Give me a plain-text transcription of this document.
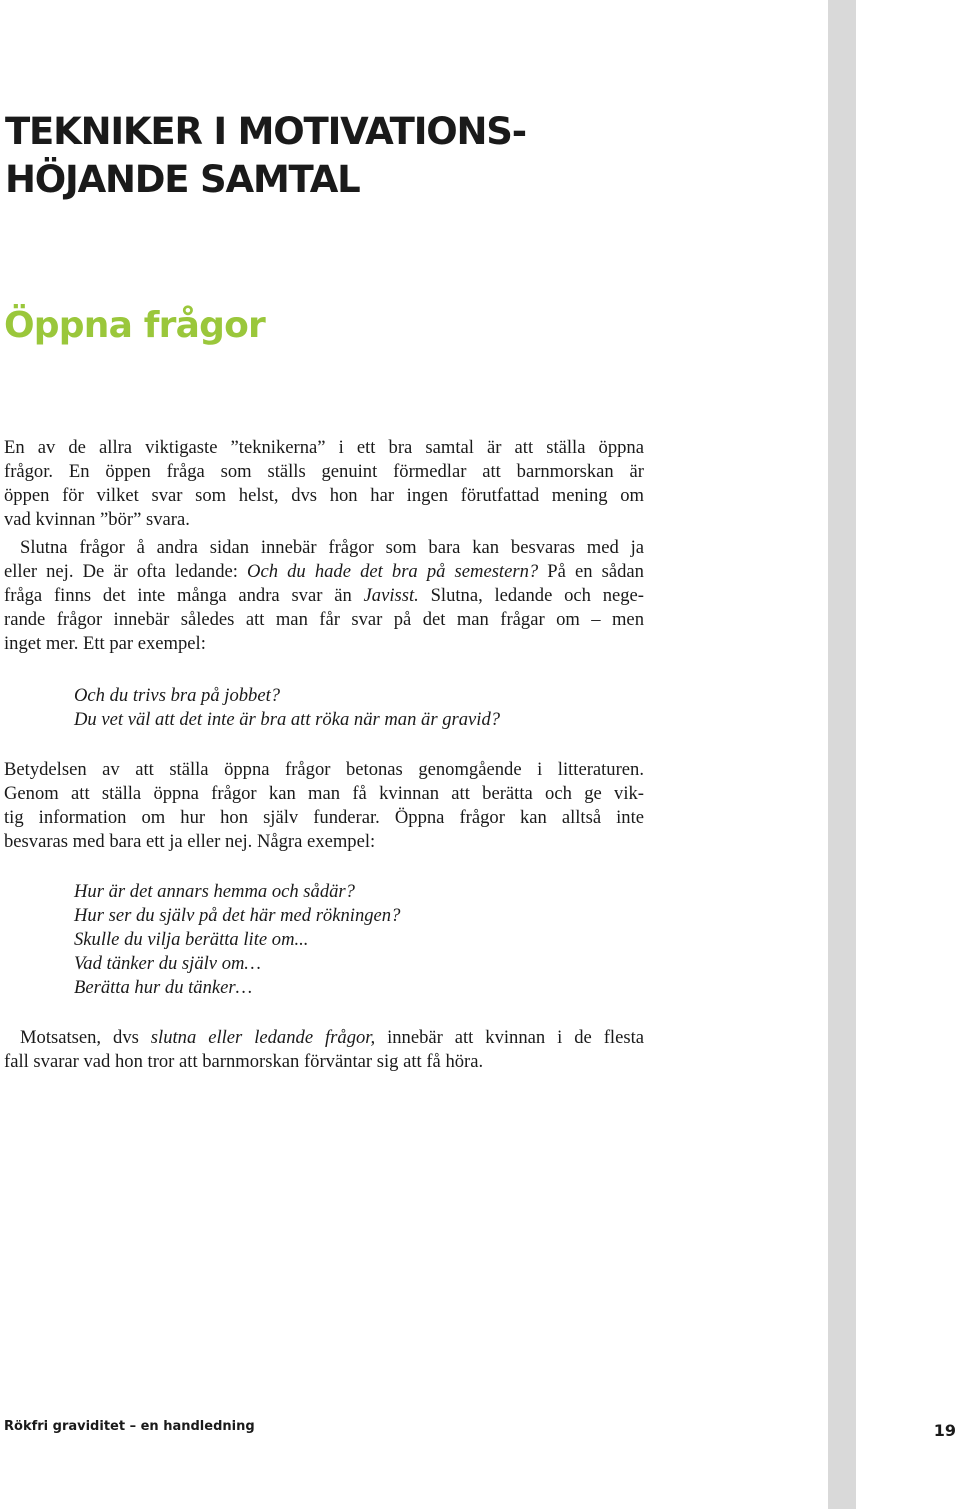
TEKNIKER I MOTIVATIONS-
HÖJANDE SAMTAL
Öppna frågor

En av de allra viktigaste ”teknikerna” i ett bra samtal är att ställa öppna

frågor. En öppen fråga som ställs genuint förmedlar att barnmorskan är

öppen för vilket svar som helst, dvs hon har ingen förutfattad mening om

vad kvinnan ”bör” svara.

Slutna frågor å andra sidan innebär frågor som bara kan besvaras med ja

eller nej. De är ofta ledande: Och du hade det bra på semestern? På en sådan

fråga finns det inte många andra svar än Javisst. Slutna, ledande och nege-

rande frågor innebär således att man får svar på det man frågar om – men

inget mer. Ett par exempel:

Och du trivs bra på jobbet?

Du vet väl att det inte är bra att röka när man är gravid?

Betydelsen av att ställa öppna frågor betonas genomgående i litteraturen.

Genom att ställa öppna frågor kan man få kvinnan att berätta och ge vik-

tig information om hur hon själv funderar. Öppna frågor kan alltså inte

besvaras med bara ett ja eller nej. Några exempel:

Hur är det annars hemma och sådär?

Hur ser du själv på det här med rökningen?

Skulle du vilja berätta lite om...

Vad tänker du själv om…

Berätta hur du tänker…

Motsatsen, dvs slutna eller ledande frågor, innebär att kvinnan i de flesta

fall svarar vad hon tror att barnmorskan förväntar sig att få höra.

Rökfri graviditet – en handledning	19
